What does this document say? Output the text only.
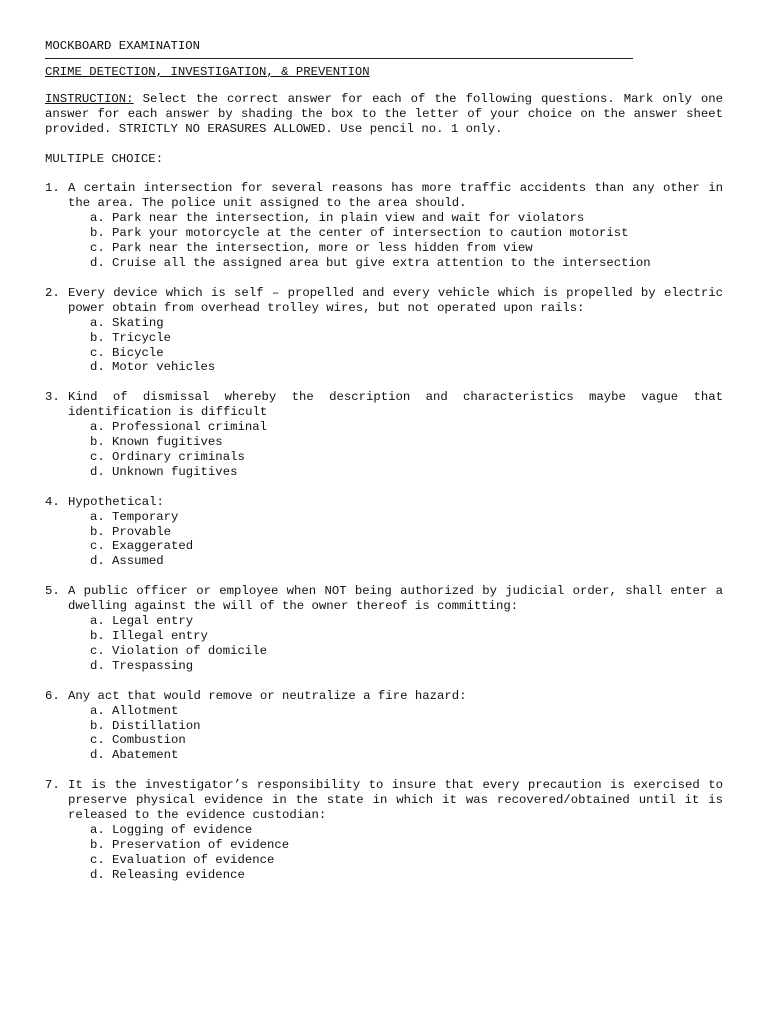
MOCKBOARD EXAMINATION
CRIME DETECTION, INVESTIGATION, & PREVENTION
INSTRUCTION: Select the correct answer for each of the following questions. Mark only one answer for each answer by shading the box to the letter of your choice on the answer sheet provided. STRICTLY NO ERASURES ALLOWED. Use pencil no. 1 only.
MULTIPLE CHOICE:
1. A certain intersection for several reasons has more traffic accidents than any other in the area. The police unit assigned to the area should.
a. Park near the intersection, in plain view and wait for violators
b. Park your motorcycle at the center of intersection to caution motorist
c. Park near the intersection, more or less hidden from view
d. Cruise all the assigned area but give extra attention to the intersection
2. Every device which is self – propelled and every vehicle which is propelled by electric power obtain from overhead trolley wires, but not operated upon rails:
a. Skating
b. Tricycle
c. Bicycle
d. Motor vehicles
3. Kind of dismissal whereby the description and characteristics maybe vague that identification is difficult
a. Professional criminal
b. Known fugitives
c. Ordinary criminals
d. Unknown fugitives
4. Hypothetical:
a. Temporary
b. Provable
c. Exaggerated
d. Assumed
5. A public officer or employee when NOT being authorized by judicial order, shall enter a dwelling against the will of the owner thereof is committing:
a. Legal entry
b. Illegal entry
c. Violation of domicile
d. Trespassing
6. Any act that would remove or neutralize a fire hazard:
a. Allotment
b. Distillation
c. Combustion
d. Abatement
7. It is the investigator’s responsibility to insure that every precaution is exercised to preserve physical evidence in the state in which it was recovered/obtained until it is released to the evidence custodian:
a. Logging of evidence
b. Preservation of evidence
c. Evaluation of evidence
d. Releasing evidence
